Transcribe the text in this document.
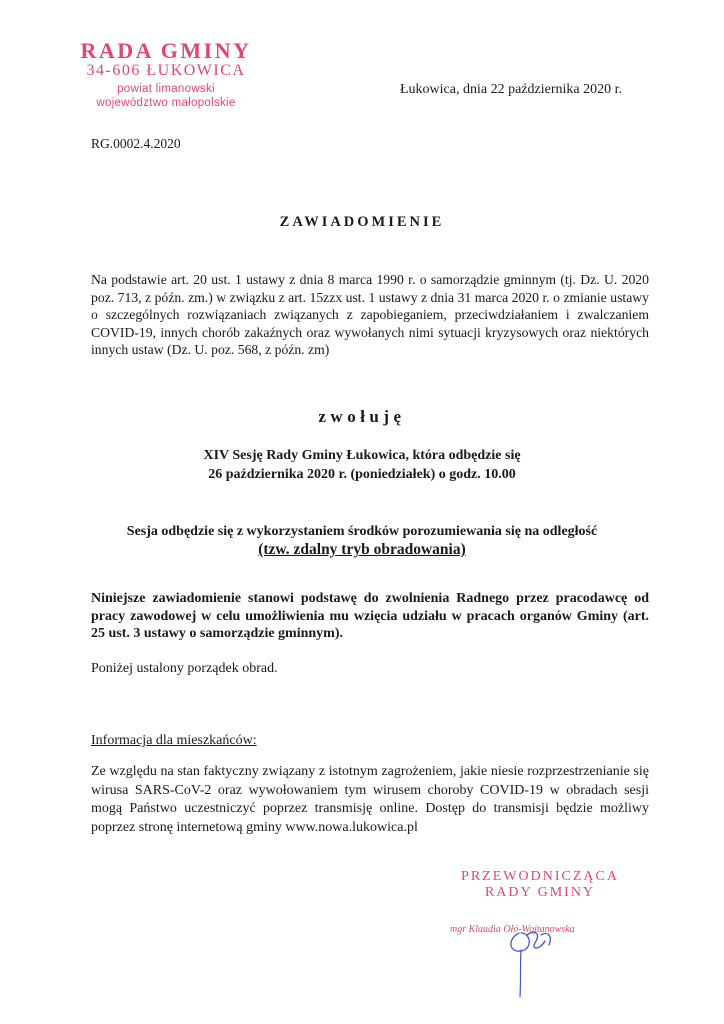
RADA GMINY
34-606 ŁUKOWICA
powiat limanowski
województwo małopolskie
Łukowica, dnia 22 października 2020 r.
RG.0002.4.2020
ZAWIADOMIENIE
Na podstawie art. 20 ust. 1 ustawy z dnia 8 marca 1990 r. o samorządzie gminnym (tj. Dz. U. 2020 poz. 713, z późn. zm.) w związku z art. 15zzx ust. 1 ustawy z dnia 31 marca 2020 r. o zmianie ustawy o szczególnych rozwiązaniach związanych z zapobieganiem, przeciwdziałaniem i zwalczaniem COVID-19, innych chorób zakaźnych oraz wywołanych nimi sytuacji kryzysowych oraz niektórych innych ustaw (Dz. U. poz. 568, z późn. zm)
zwołuję
XIV Sesję Rady Gminy Łukowica, która odbędzie się
26 października 2020 r. (poniedziałek) o godz. 10.00
Sesja odbędzie się z wykorzystaniem środków porozumiewania się na odległość
(tzw. zdalny tryb obradowania)
Niniejsze zawiadomienie stanowi podstawę do zwolnienia Radnego przez pracodawcę od pracy zawodowej w celu umożliwienia mu wzięcia udziału w pracach organów Gminy (art. 25 ust. 3 ustawy o samorządzie gminnym).
Poniżej ustalony porządek obrad.
Informacja dla mieszkańców:
Ze względu na stan faktyczny związany z istotnym zagrożeniem, jakie niesie rozprzestrzenianie się wirusa SARS-CoV-2 oraz wywołowaniem tym wirusem choroby COVID-19 w obradach sesji mogą Państwo uczestniczyć poprzez transmisję online. Dostęp do transmisji będzie możliwy poprzez stronę internetową gminy www.nowa.lukowica.pl
PRZEWODNICZĄCA
RADY GMINY
mgr Klaudia Ołó-Wojtanowska
